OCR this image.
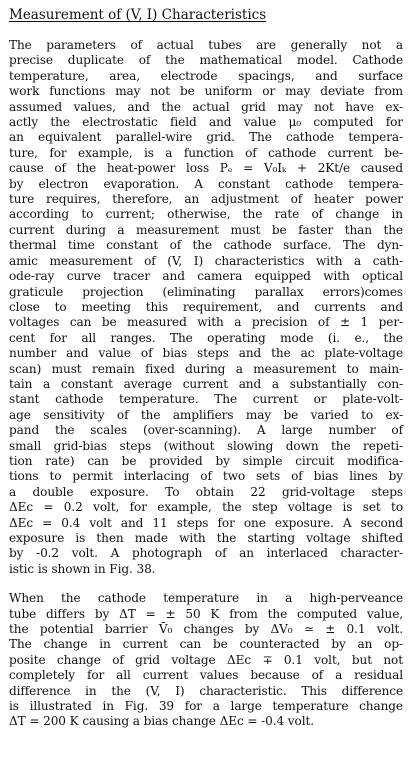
Measurement of (V, I) Characteristics
The parameters of actual tubes are generally not a
precise duplicate of the mathematical model. Cathode
temperature, area, electrode spacings, and surface
work functions may not be uniform or may deviate from
assumed values, and the actual grid may not have ex-
actly the electrostatic field and value μ₀ computed for
an equivalent parallel-wire grid. The cathode tempera-
ture, for example, is a function of cathode current be-
cause of the heat-power loss Pₑ = V₀Iₖ + 2Kt/e caused
by electron evaporation. A constant cathode tempera-
ture requires, therefore, an adjustment of heater power
according to current; otherwise, the rate of change in
current during a measurement must be faster than the
thermal time constant of the cathode surface. The dyn-
amic measurement of (V, I) characteristics with a cath-
ode-ray curve tracer and camera equipped with optical
graticule projection (eliminating parallax errors)comes
close to meeting this requirement, and currents and
voltages can be measured with a precision of ± 1 per-
cent for all ranges. The operating mode (i. e., the
number and value of bias steps and the ac plate-voltage
scan) must remain fixed during a measurement to main-
tain a constant average current and a substantially con-
stant cathode temperature. The current or plate-volt-
age sensitivity of the amplifiers may be varied to ex-
pand the scales (over-scanning). A large number of
small grid-bias steps (without slowing down the repeti-
tion rate) can be provided by simple circuit modifica-
tions to permit interlacing of two sets of bias lines by
a double exposure. To obtain 22 grid-voltage steps
ΔEc = 0.2 volt, for example, the step voltage is set to
ΔEc = 0.4 volt and 11 steps for one exposure. A second
exposure is then made with the starting voltage shifted
by -0.2 volt. A photograph of an interlaced character-
istic is shown in Fig. 38.
When the cathode temperature in a high-perveance
tube differs by ΔT = ± 50 K from the computed value,
the potential barrier V̄₀ changes by ΔV₀ ≃ ± 0.1 volt.
The change in current can be counteracted by an op-
posite change of grid voltage ΔEc ∓ 0.1 volt, but not
completely for all current values because of a residual
difference in the (V, I) characteristic. This difference
is illustrated in Fig. 39 for a large temperature change
ΔT = 200 K causing a bias change ΔEc = -0.4 volt.
